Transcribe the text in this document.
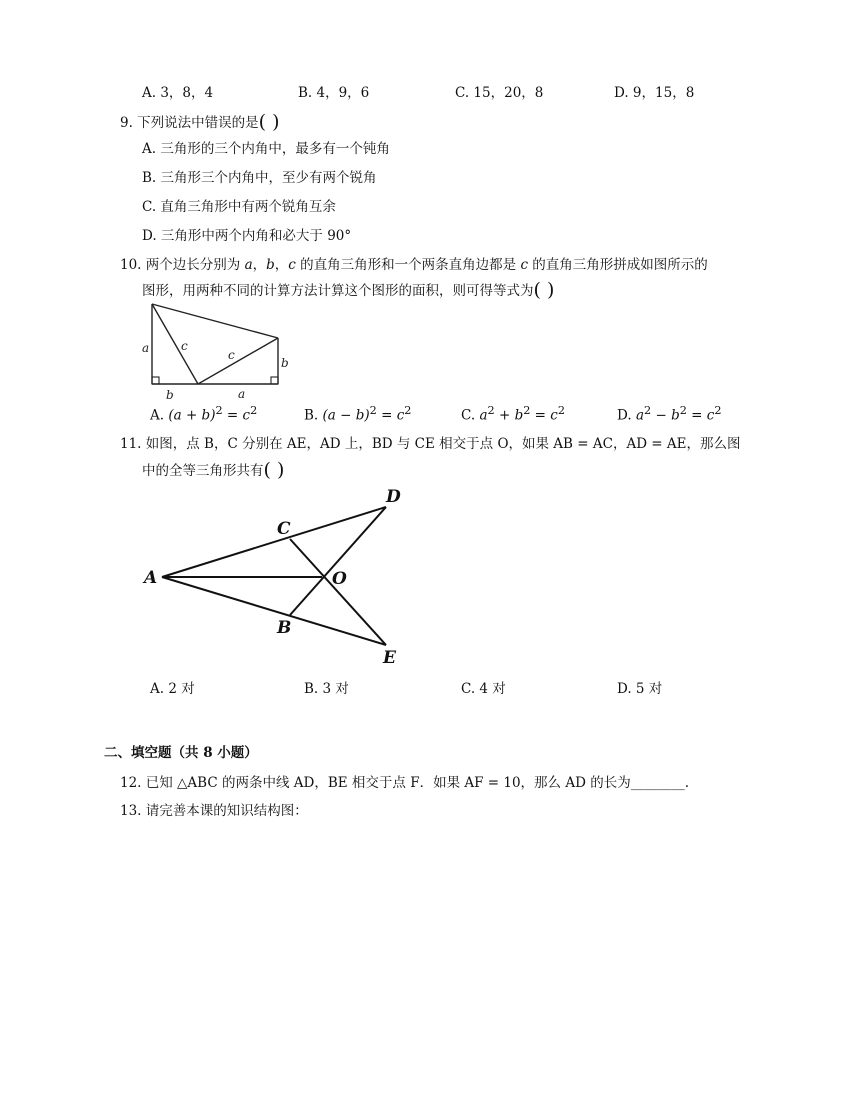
A. 3，8，4	B. 4，9，6	C. 15，20，8	D. 9，15，8
9. 下列说法中错误的是( )
A. 三角形的三个内角中，最多有一个钝角
B. 三角形三个内角中，至少有两个锐角
C. 直角三角形中有两个锐角互余
D. 三角形中两个内角和必大于 90°
10. 两个边长分别为 a，b，c 的直角三角形和一个两条直角边都是 c 的直角三角形拼成如图所示的
图形，用两种不同的计算方法计算这个图形的面积，则可得等式为( )
a	c
c
b
b	a
A. $(a + b)^2 = c^2$	B. $(a - b)^2 = c^2$	C. $a^2 + b^2 = c^2$	D. $a^2 - b^2 = c^2$
11. 如图，点 B，C 分别在 AE，AD 上，BD 与 CE 相交于点 O，如果 AB = AC，AD = AE，那么图
中的全等三角形共有( )
A
B
C
D
E
O
A. 2 对	B. 3 对	C. 4 对	D. 5 对
二、填空题（共 8 小题）
12. 已知 △ABC 的两条中线 AD，BE 相交于点 F．如果 AF = 10，那么 AD 的长为________.
13. 请完善本课的知识结构图：
